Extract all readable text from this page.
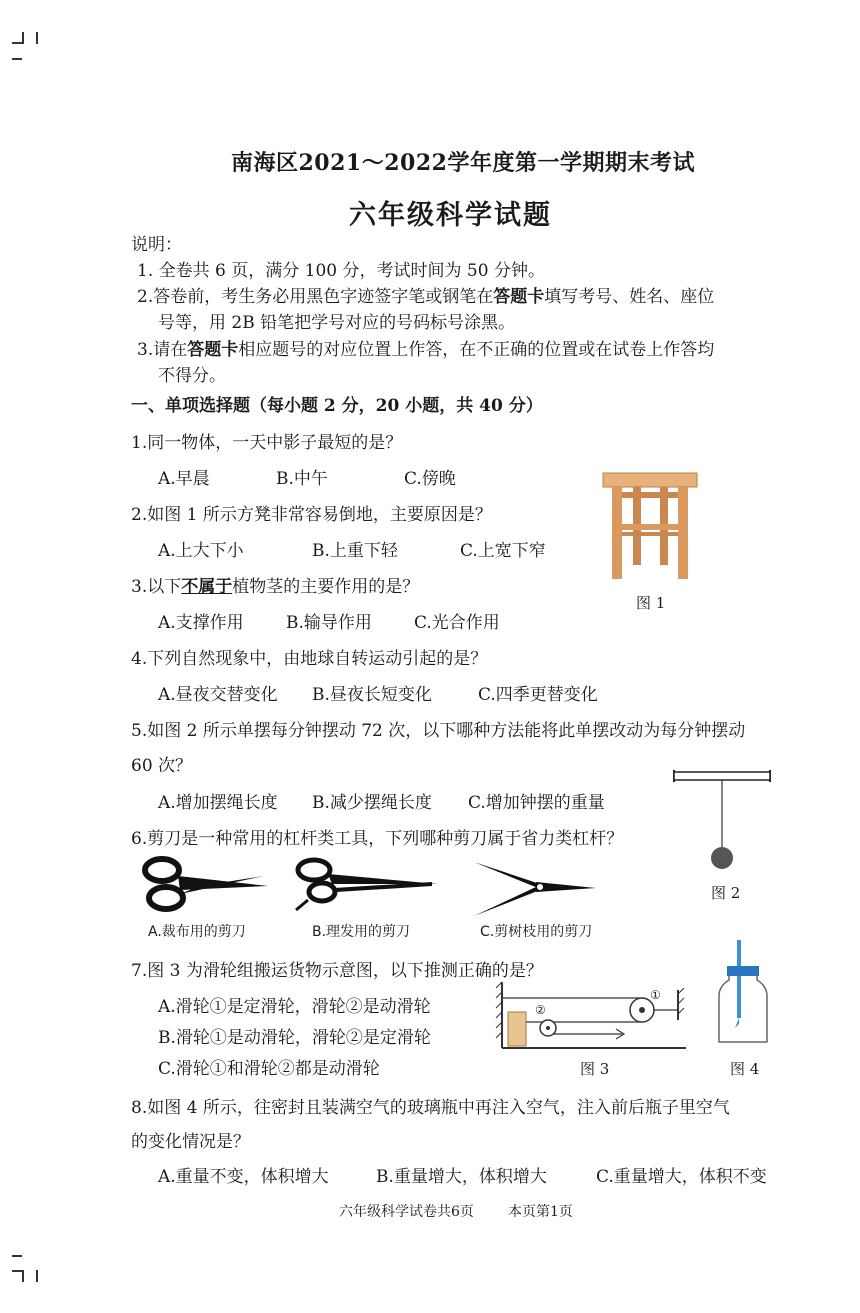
南海区2021～2022学年度第一学期期末考试
六年级科学试题
说明：
1. 全卷共 6 页，满分 100 分，考试时间为 50 分钟。
2.答卷前，考生务必用黑色字迹签字笔或钢笔在答题卡填写考号、姓名、座位
号等，用 2B 铅笔把学号对应的号码标号涂黑。
3.请在答题卡相应题号的对应位置上作答，在不正确的位置或在试卷上作答均
不得分。
一、单项选择题（每小题 2 分，20 小题，共 40 分）
1.同一物体，一天中影子最短的是？
A.早晨	B.中午	C.傍晚
2.如图 1 所示方凳非常容易倒地，主要原因是？
A.上大下小	B.上重下轻	C.上宽下窄
3.以下不属于植物茎的主要作用的是？
A.支撑作用 B.输导作用 C.光合作用
图 1
4.下列自然现象中，由地球自转运动引起的是？
A.昼夜交替变化 B.昼夜长短变化	C.四季更替变化
5.如图 2 所示单摆每分钟摆动 72 次，以下哪种方法能将此单摆改动为每分钟摆动
60 次？
A.增加摆绳长度 B.减少摆绳长度 C.增加钟摆的重量
图 2
6.剪刀是一种常用的杠杆类工具，下列哪种剪刀属于省力类杠杆？
A.裁布用的剪刀	B.理发用的剪刀	C.剪树枝用的剪刀
7.图 3 为滑轮组搬运货物示意图，以下推测正确的是？
A.滑轮①是定滑轮，滑轮②是动滑轮
B.滑轮①是动滑轮，滑轮②是定滑轮
C.滑轮①和滑轮②都是动滑轮
①
②
图 3	图 4
8.如图 4 所示，往密封且装满空气的玻璃瓶中再注入空气，注入前后瓶子里空气
的变化情况是？
A.重量不变，体积增大	B.重量增大，体积增大	C.重量增大，体积不变
六年级科学试卷共6页 本页第1页
